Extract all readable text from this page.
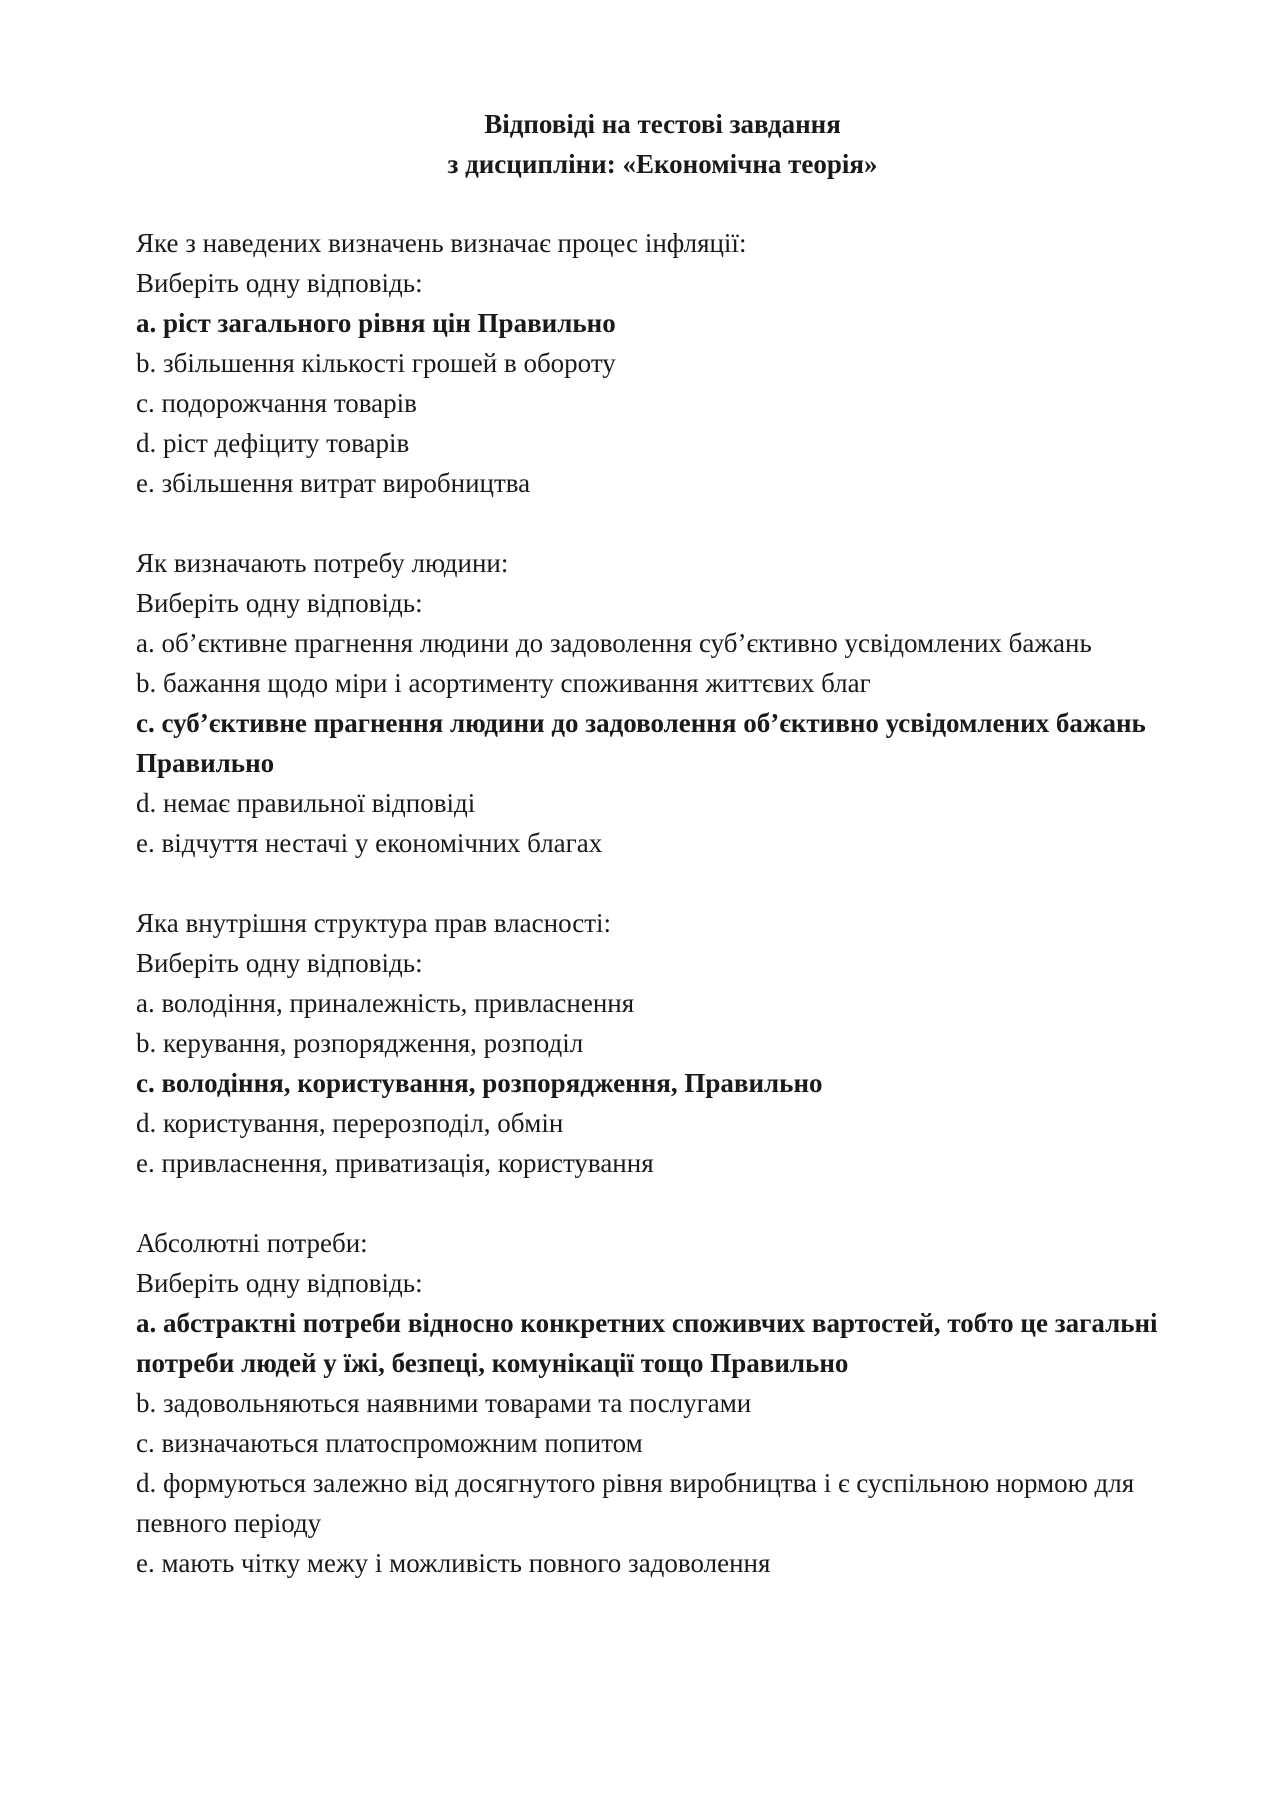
Відповіді на тестові завдання
з дисципліни: «Економічна теорія»
Яке з наведених визначень визначає процес інфляції:
Виберіть одну відповідь:
a. ріст загального рівня цін Правильно
b. збільшення кількості грошей в обороту
c. подорожчання товарів
d. ріст дефіциту товарів
e. збільшення витрат виробництва
Як визначають потребу людини:
Виберіть одну відповідь:
a. об’єктивне прагнення людини до задоволення суб’єктивно усвідомлених бажань
b. бажання щодо міри і асортименту споживання життєвих благ
c. суб’єктивне прагнення людини до задоволення об’єктивно усвідомлених бажань Правильно
d. немає правильної відповіді
e. відчуття нестачі у економічних благах
Яка внутрішня структура прав власності:
Виберіть одну відповідь:
a. володіння, приналежність, привласнення
b. керування, розпорядження, розподіл
c. володіння, користування, розпорядження, Правильно
d. користування, перерозподіл, обмін
e. привласнення, приватизація, користування
Абсолютні потреби:
Виберіть одну відповідь:
a. абстрактні потреби відносно конкретних споживчих вартостей, тобто це загальні потреби людей у їжі, безпеці, комунікації тощо Правильно
b. задовольняються наявними товарами та послугами
c. визначаються платоспроможним попитом
d. формуються залежно від досягнутого рівня виробництва і є суспільною нормою для певного періоду
e. мають чітку межу і можливість повного задоволення
